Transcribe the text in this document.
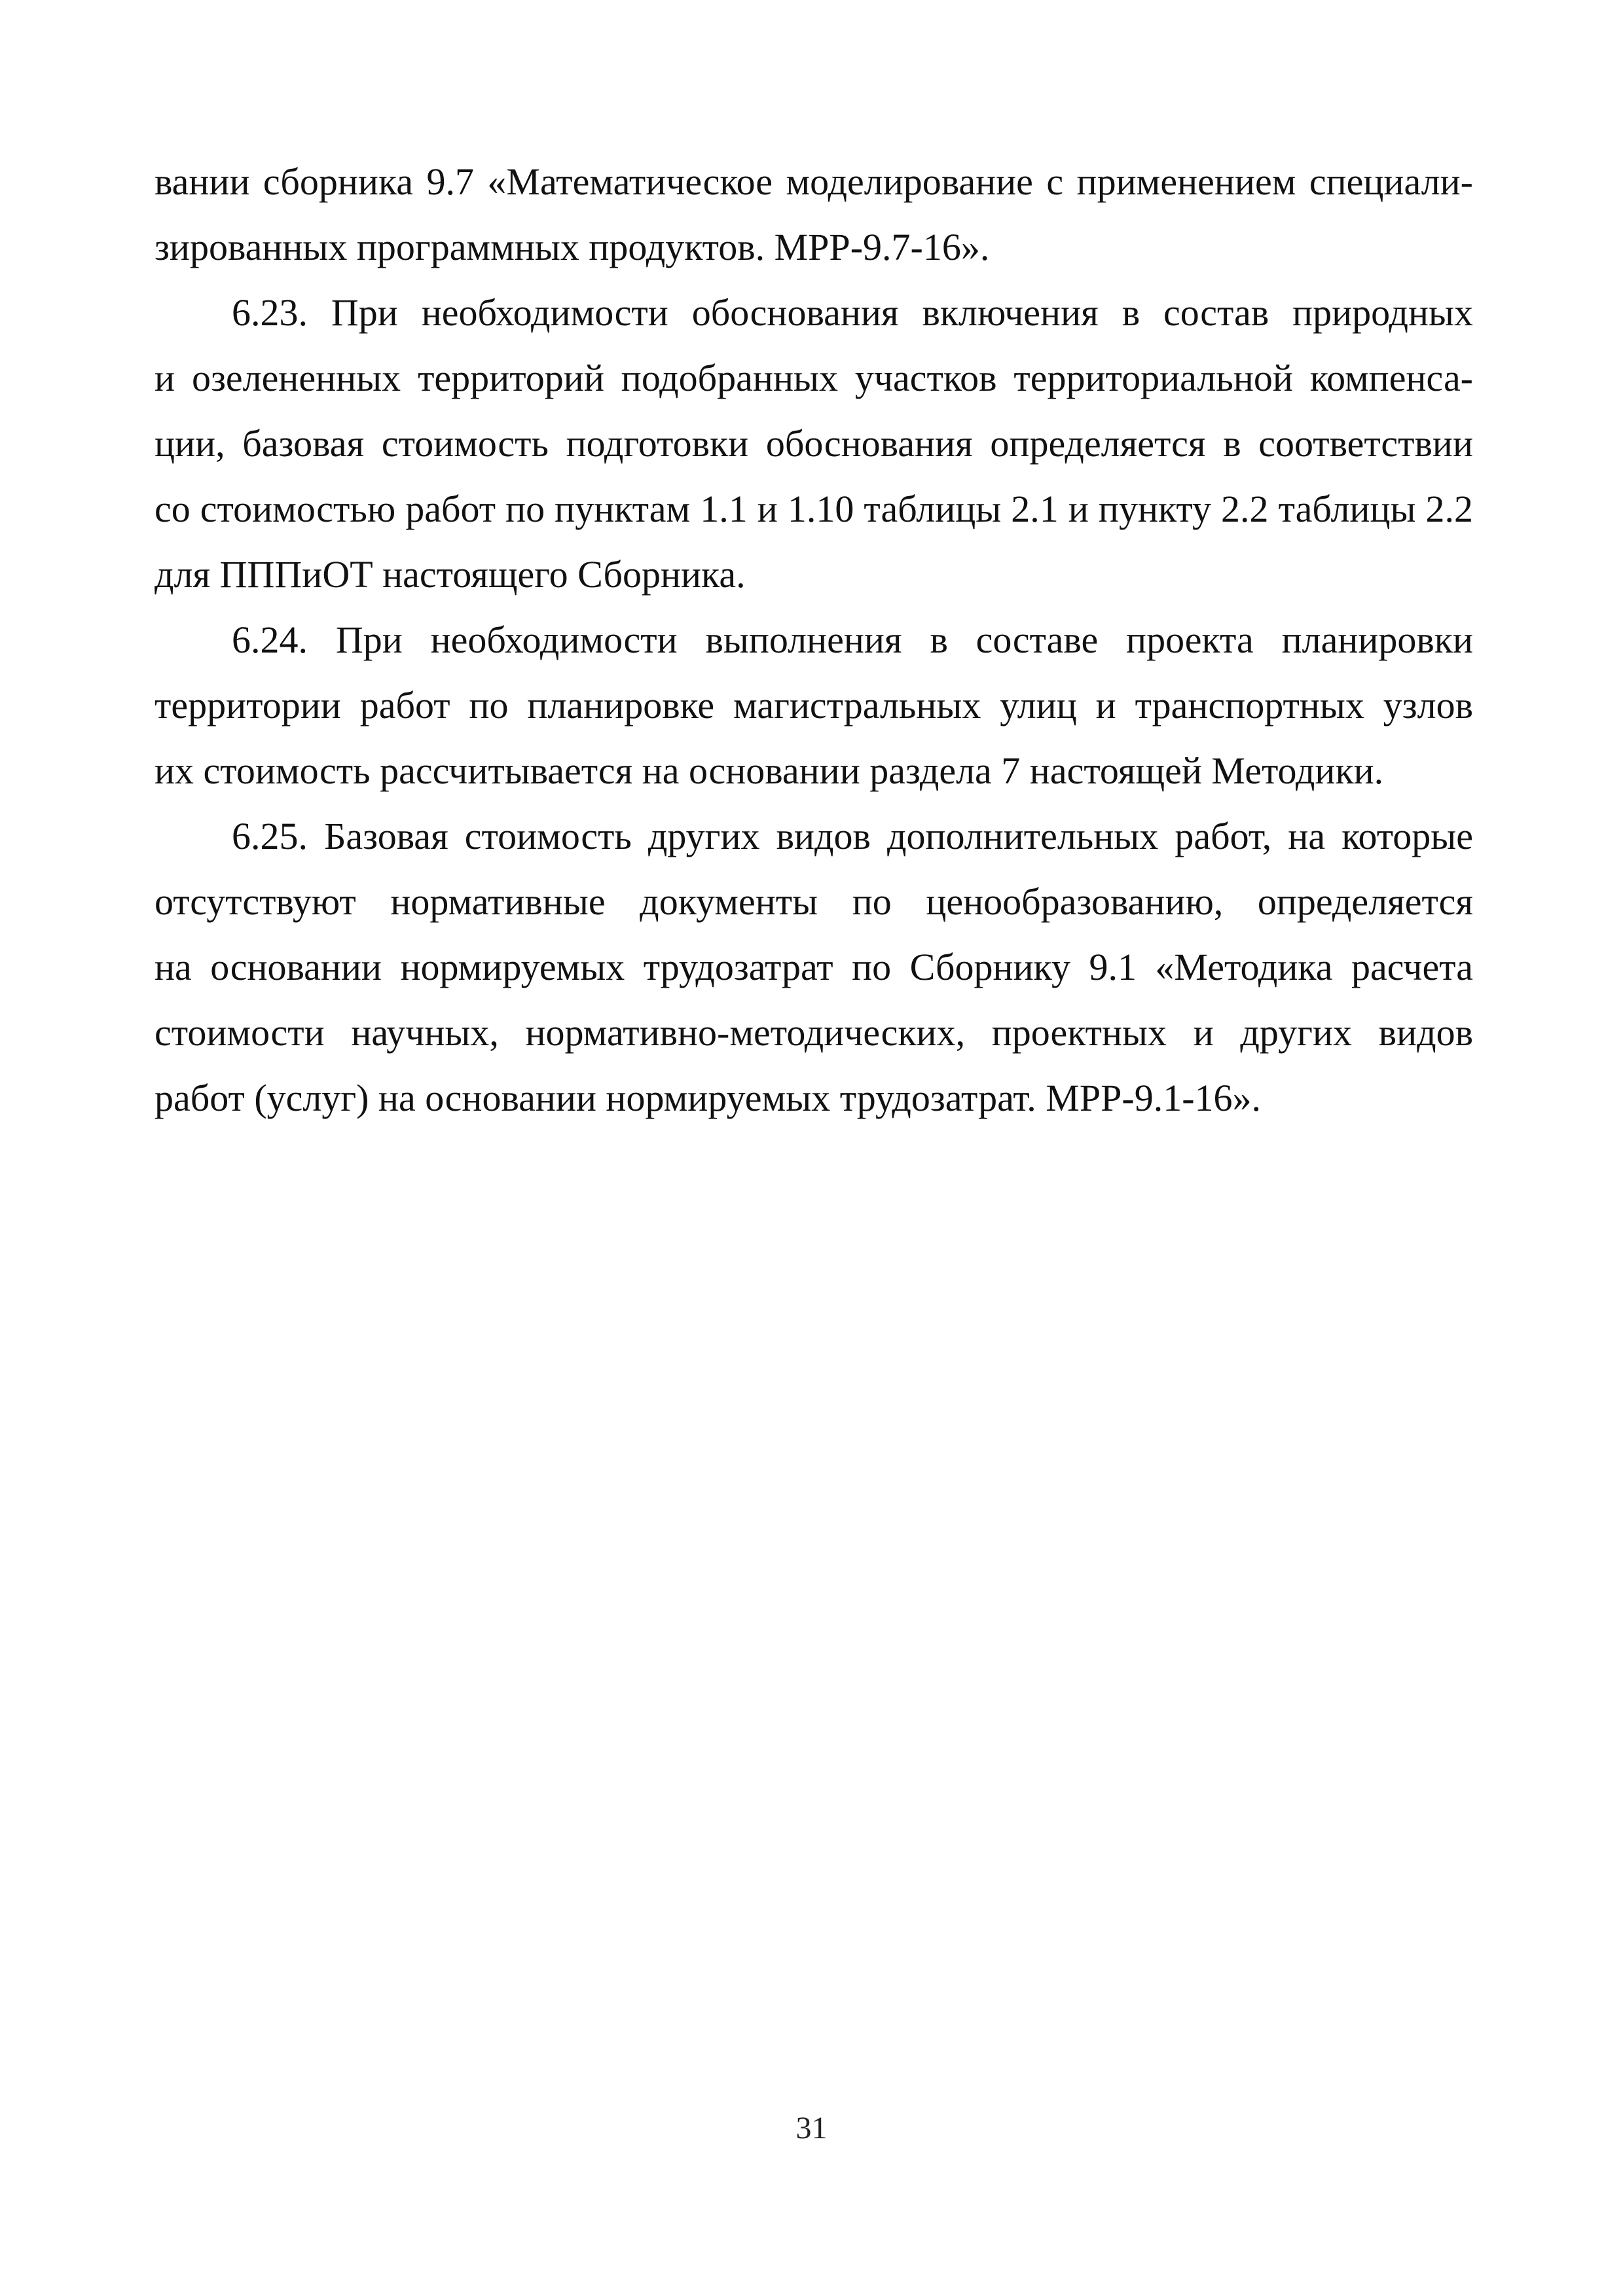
вании сборника 9.7 «Математическое моделирование с применением специали-
зированных программных продуктов. МРР-9.7-16».
6.23. При необходимости обоснования включения в состав природных
и озелененных территорий подобранных участков территориальной компенса-
ции, базовая стоимость подготовки обоснования определяется в соответствии
со стоимостью работ по пунктам 1.1 и 1.10 таблицы 2.1 и пункту 2.2 таблицы 2.2
для ПППиОТ настоящего Сборника.
6.24. При необходимости выполнения в составе проекта планировки
территории работ по планировке магистральных улиц и транспортных узлов
их стоимость рассчитывается на основании раздела 7 настоящей Методики.
6.25. Базовая стоимость других видов дополнительных работ, на которые
отсутствуют нормативные документы по ценообразованию, определяется
на основании нормируемых трудозатрат по Сборнику 9.1 «Методика расчета
стоимости научных, нормативно-методических, проектных и других видов
работ (услуг) на основании нормируемых трудозатрат. МРР-9.1-16».
31
